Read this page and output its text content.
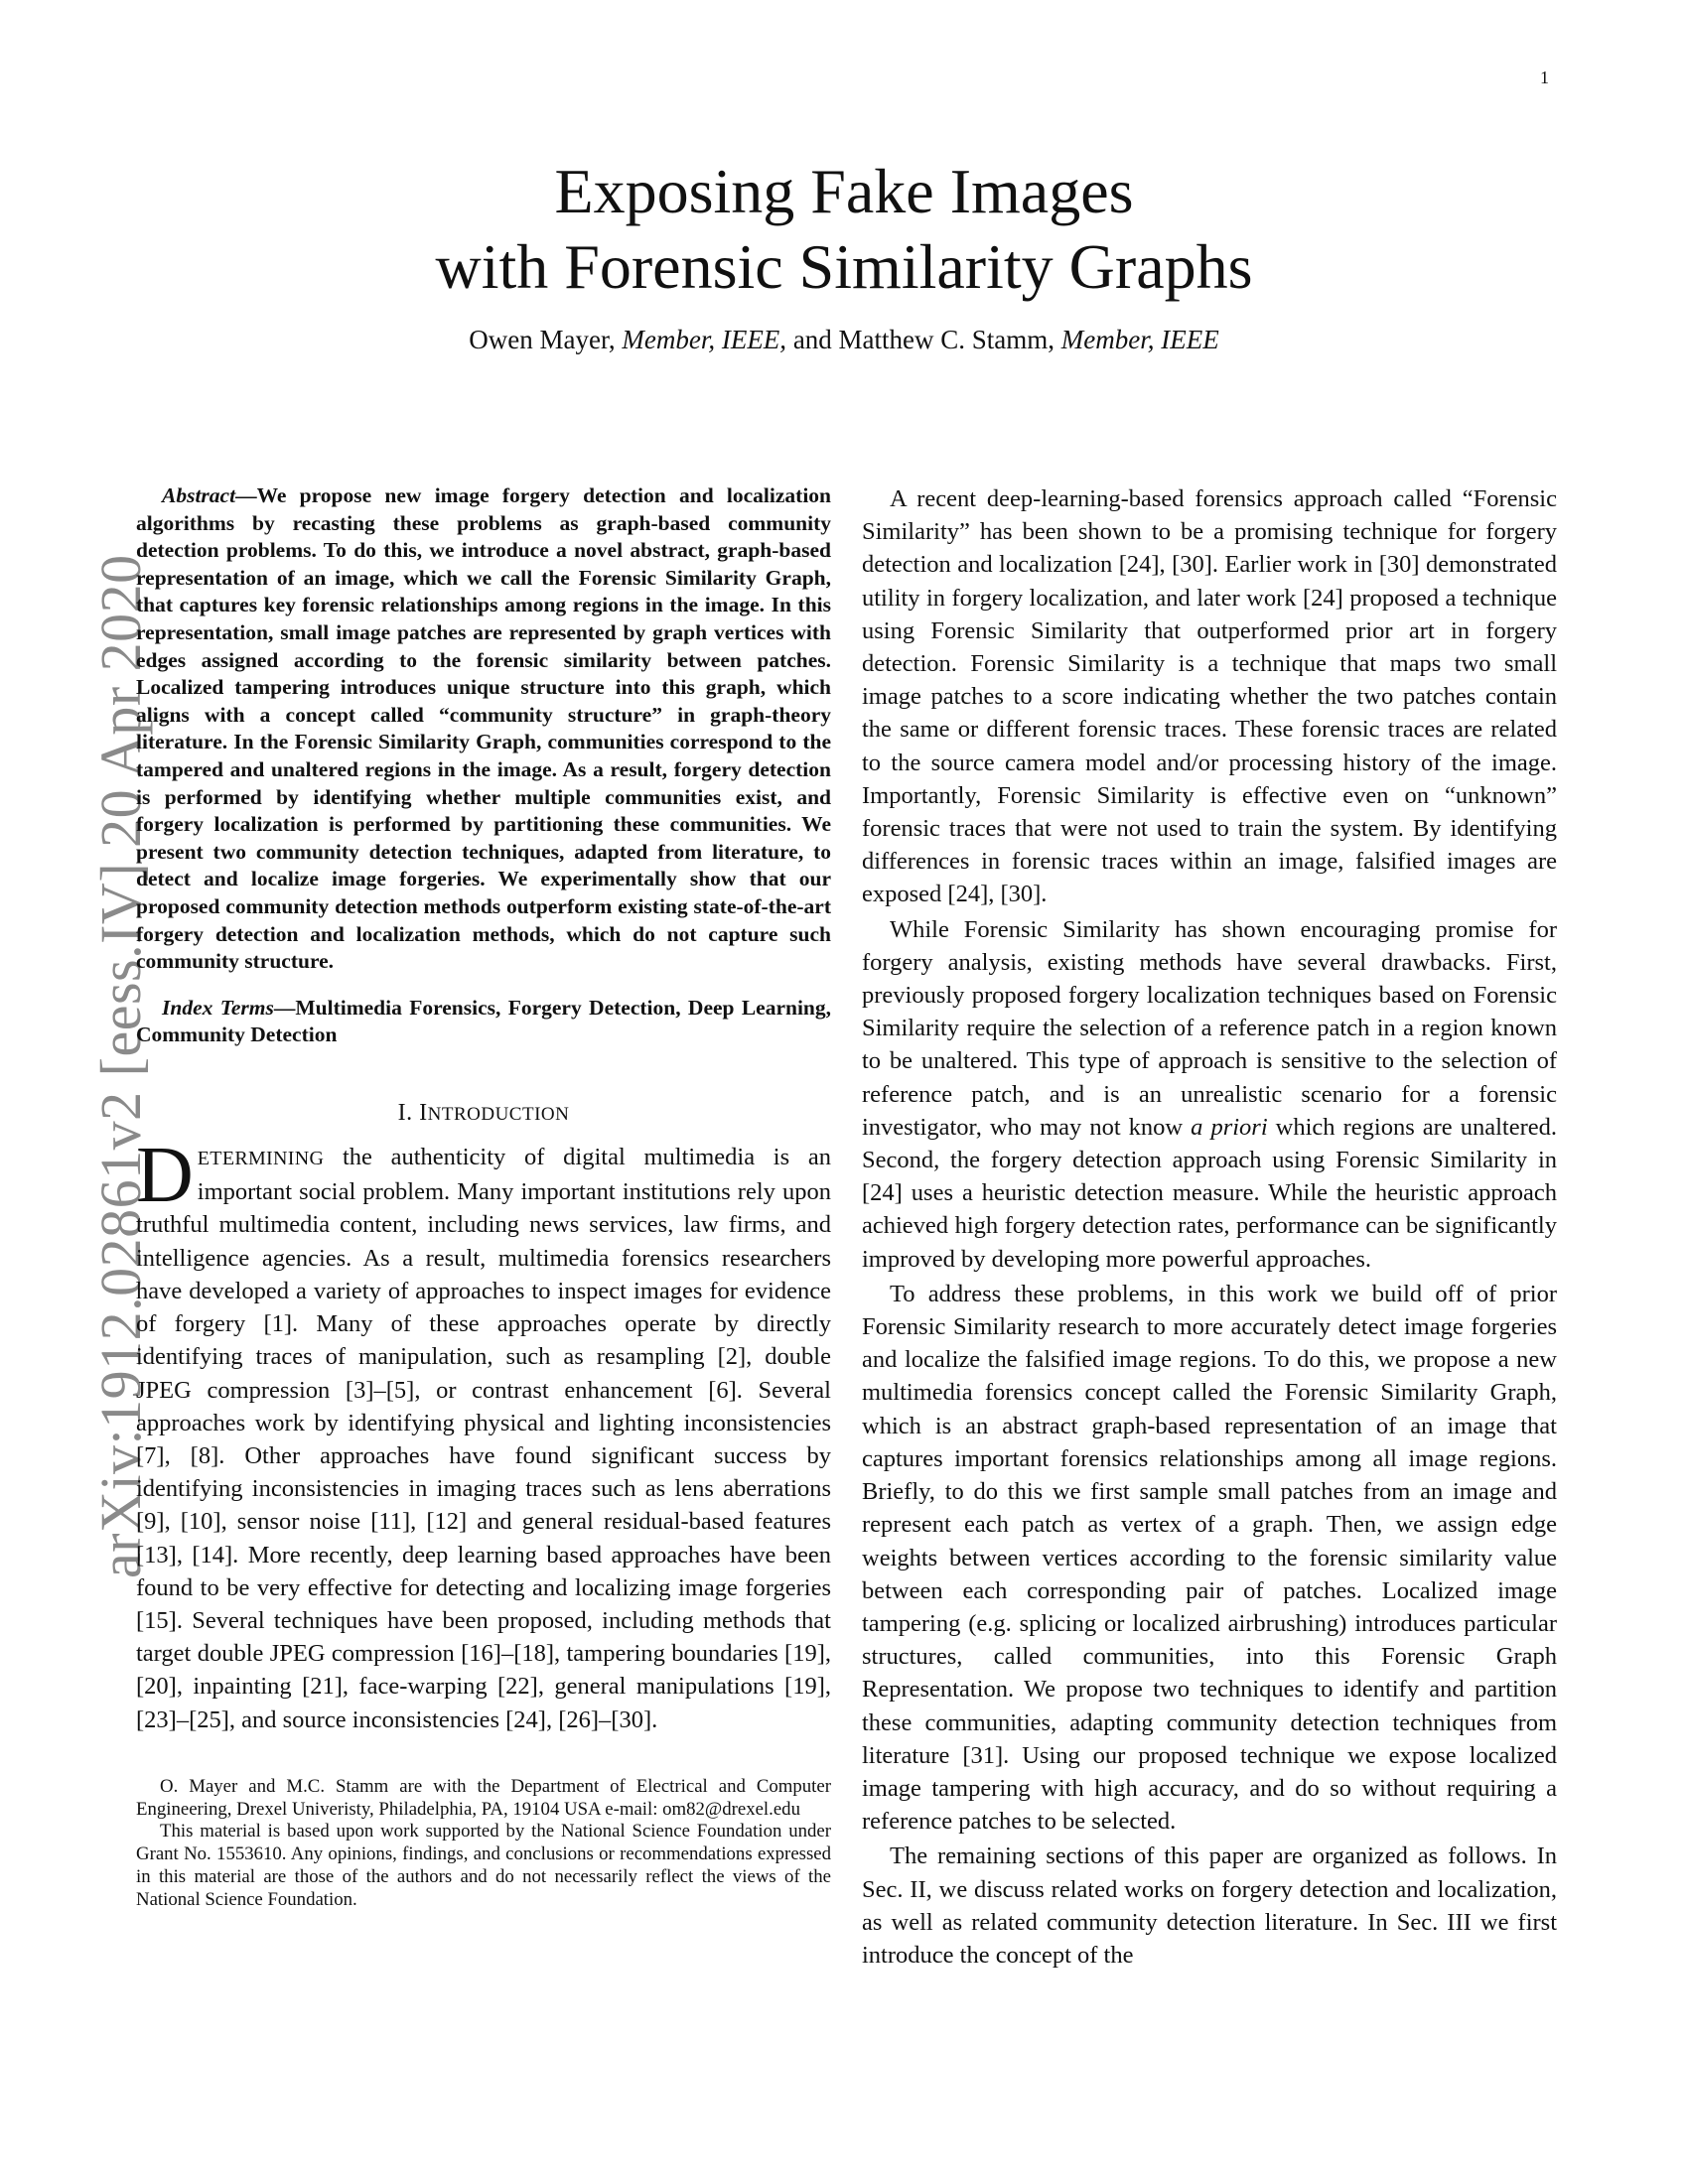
1
arXiv:1912.02861v2 [eess.IV] 20 Apr 2020
Exposing Fake Images
with Forensic Similarity Graphs
Owen Mayer, Member, IEEE, and Matthew C. Stamm, Member, IEEE

Abstract—We propose new image forgery detection and localization algorithms by recasting these problems as graph-based community detection problems. To do this, we introduce a novel abstract, graph-based representation of an image, which we call the Forensic Similarity Graph, that captures key forensic relationships among regions in the image. In this representation, small image patches are represented by graph vertices with edges assigned according to the forensic similarity between patches. Localized tampering introduces unique structure into this graph, which aligns with a concept called “community structure” in graph-theory literature. In the Forensic Similarity Graph, communities correspond to the tampered and unaltered regions in the image. As a result, forgery detection is performed by identifying whether multiple communities exist, and forgery localization is performed by partitioning these communities. We present two community detection techniques, adapted from literature, to detect and localize image forgeries. We experimentally show that our proposed community detection methods outperform existing state-of-the-art forgery detection and localization methods, which do not capture such community structure.

Index Terms—Multimedia Forensics, Forgery Detection, Deep Learning, Community Detection

I. INTRODUCTION

DETERMINING the authenticity of digital multimedia is an important social problem. Many important institutions rely upon truthful multimedia content, including news services, law firms, and intelligence agencies. As a result, multimedia forensics researchers have developed a variety of approaches to inspect images for evidence of forgery [1]. Many of these approaches operate by directly identifying traces of manipulation, such as resampling [2], double JPEG compression [3]–[5], or contrast enhancement [6]. Several approaches work by identifying physical and lighting inconsistencies [7], [8]. Other approaches have found significant success by identifying inconsistencies in imaging traces such as lens aberrations [9], [10], sensor noise [11], [12] and general residual-based features [13], [14]. More recently, deep learning based approaches have been found to be very effective for detecting and localizing image forgeries [15]. Several techniques have been proposed, including methods that target double JPEG compression [16]–[18], tampering boundaries [19], [20], inpainting [21], face-warping [22], general manipulations [19], [23]–[25], and source inconsistencies [24], [26]–[30].

O. Mayer and M.C. Stamm are with the Department of Electrical and Computer Engineering, Drexel Univeristy, Philadelphia, PA, 19104 USA e-mail: om82@drexel.edu

This material is based upon work supported by the National Science Foundation under Grant No. 1553610. Any opinions, findings, and conclusions or recommendations expressed in this material are those of the authors and do not necessarily reflect the views of the National Science Foundation.

A recent deep-learning-based forensics approach called “Forensic Similarity” has been shown to be a promising technique for forgery detection and localization [24], [30]. Earlier work in [30] demonstrated utility in forgery localization, and later work [24] proposed a technique using Forensic Similarity that outperformed prior art in forgery detection. Forensic Similarity is a technique that maps two small image patches to a score indicating whether the two patches contain the same or different forensic traces. These forensic traces are related to the source camera model and/or processing history of the image. Importantly, Forensic Similarity is effective even on “unknown” forensic traces that were not used to train the system. By identifying differences in forensic traces within an image, falsified images are exposed [24], [30].

While Forensic Similarity has shown encouraging promise for forgery analysis, existing methods have several drawbacks. First, previously proposed forgery localization techniques based on Forensic Similarity require the selection of a reference patch in a region known to be unaltered. This type of approach is sensitive to the selection of reference patch, and is an unrealistic scenario for a forensic investigator, who may not know a priori which regions are unaltered. Second, the forgery detection approach using Forensic Similarity in [24] uses a heuristic detection measure. While the heuristic approach achieved high forgery detection rates, performance can be significantly improved by developing more powerful approaches.

To address these problems, in this work we build off of prior Forensic Similarity research to more accurately detect image forgeries and localize the falsified image regions. To do this, we propose a new multimedia forensics concept called the Forensic Similarity Graph, which is an abstract graph-based representation of an image that captures important forensics relationships among all image regions. Briefly, to do this we first sample small patches from an image and represent each patch as vertex of a graph. Then, we assign edge weights between vertices according to the forensic similarity value between each corresponding pair of patches. Localized image tampering (e.g. splicing or localized airbrushing) introduces particular structures, called communities, into this Forensic Graph Representation. We propose two techniques to identify and partition these communities, adapting community detection techniques from literature [31]. Using our proposed technique we expose localized image tampering with high accuracy, and do so without requiring a reference patches to be selected.

The remaining sections of this paper are organized as follows. In Sec. II, we discuss related works on forgery detection and localization, as well as related community detection literature. In Sec. III we first introduce the concept of the
